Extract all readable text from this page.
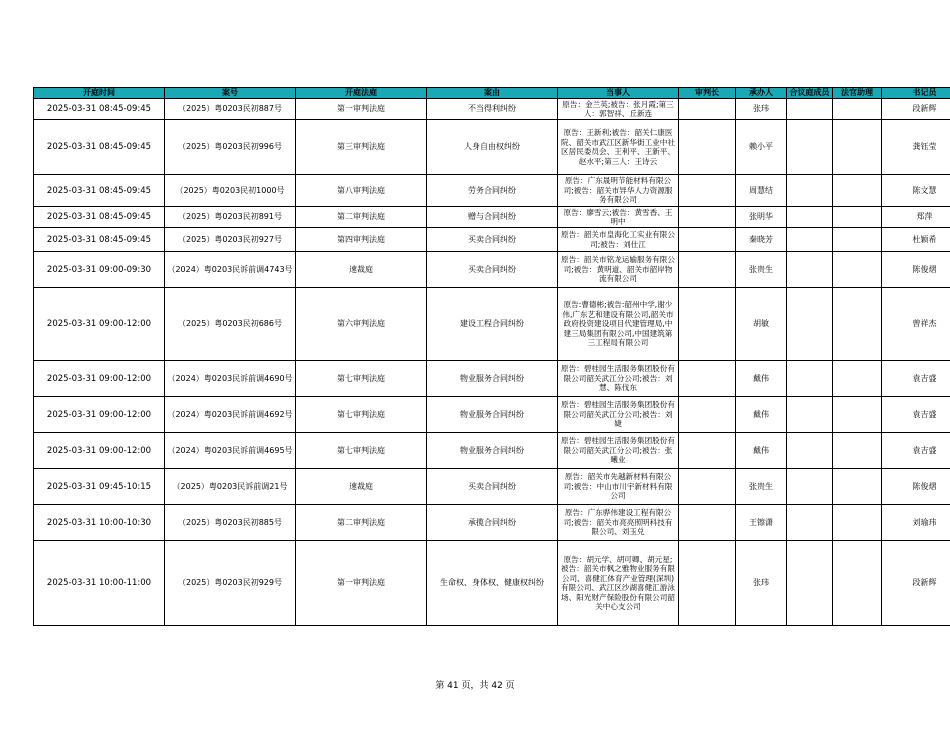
开庭时间	案号	开庭法庭	案由	当事人	审判长	承办人	合议庭成员	法官助理	书记员
2025-03-31 08:45-09:45	（2025）粤0203民初887号	第一审判法庭	不当得利纠纷	原告：金兰英;被告：张月霞;第三人：郭智祥、丘新连		张玮			段新辉
2025-03-31 08:45-09:45	（2025）粤0203民初996号	第三审判法庭	人身自由权纠纷	原告：王新利;被告：韶关仁康医院、韶关市武江区新华街工业中社区居民委员会、王利平、王新平、赵水平;第三人：王诗云		赖小平			龚钰莹
2025-03-31 08:45-09:45	（2025）粤0203民初1000号	第八审判法庭	劳务合同纠纷	原告：广东晟明节能材料有限公司;被告：韶关市异华人力资源服务有限公司		周慧结			陈文慧
2025-03-31 08:45-09:45	（2025）粤0203民初891号	第二审判法庭	赠与合同纠纷	原告：廖雪云;被告：黄雪香、王明中		张明华			郑萍
2025-03-31 08:45-09:45	（2025）粤0203民初927号	第四审判法庭	买卖合同纠纷	原告：韶关市皇海化工实业有限公司;被告：刘仕江		秦晓芳			杜颖希
2025-03-31 09:00-09:30	（2024）粤0203民诉前调4743号	速裁庭	买卖合同纠纷	原告：韶关市铭龙运输服务有限公司;被告：黄明道、韶关市韶岸物流有限公司		张贵生			陈俊熠
2025-03-31 09:00-12:00	（2025）粤0203民初686号	第六审判法庭	建设工程合同纠纷	原告:曹德彬;被告:韶州中学,谢少伟,广东艺和建设有限公司,韶关市政府投资建设项目代建管理局,中建三局集团有限公司,中国建筑第三工程局有限公司		胡敏			曾祥杰
2025-03-31 09:00-12:00	（2024）粤0203民诉前调4690号	第七审判法庭	物业服务合同纠纷	原告：碧桂园生活服务集团股份有限公司韶关武江分公司;被告：刘慧、陈伐东		戴伟			袁吉盛
2025-03-31 09:00-12:00	（2024）粤0203民诉前调4692号	第七审判法庭	物业服务合同纠纷	原告：碧桂园生活服务集团股份有限公司韶关武江分公司;被告：刘婕		戴伟			袁吉盛
2025-03-31 09:00-12:00	（2024）粤0203民诉前调4695号	第七审判法庭	物业服务合同纠纷	原告：碧桂园生活服务集团股份有限公司韶关武江分公司;被告：张曦业		戴伟			袁吉盛
2025-03-31 09:45-10:15	（2025）粤0203民诉前调21号	速裁庭	买卖合同纠纷	原告：韶关市先越新材料有限公司;被告：中山市川宇新材料有限公司		张贵生			陈俊熠
2025-03-31 10:00-10:30	（2025）粤0203民初885号	第二审判法庭	承揽合同纠纷	原告：广东骅伟建设工程有限公司;被告：韶关市亮亮照明科技有限公司、刘玉兑		王镲潇			刘瑜玮
2025-03-31 10:00-11:00	（2025）粤0203民初929号	第一审判法庭	生命权、身体权、健康权纠纷	原告：胡元学、胡可卿、胡元星;被告：韶关市枫之雅物业服务有限公司、喜健汇体育产业管理(深圳)有限公司、武江区沙湖喜健汇游泳场、阳光财产保险股份有限公司韶关中心支公司		张玮			段新辉
第 41 页，共 42 页
